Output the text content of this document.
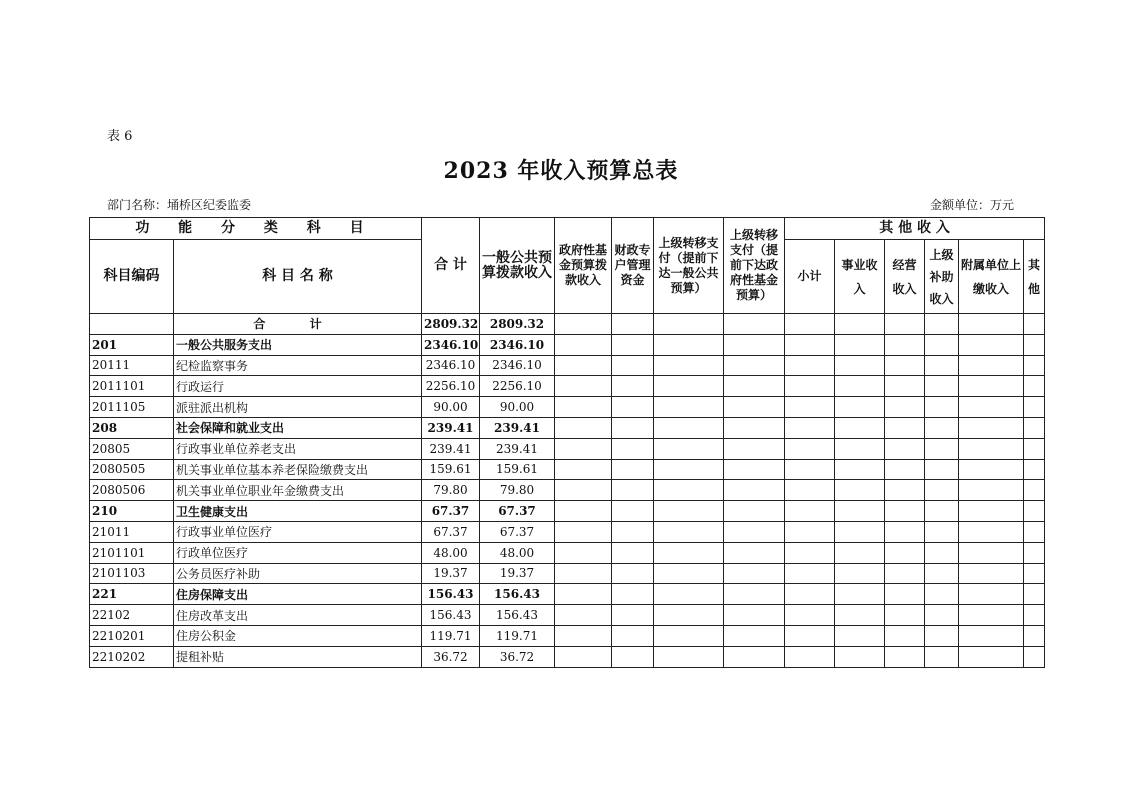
表 6
2023 年收入预算总表
部门名称：埇桥区纪委监委	金额单位：万元
功 能 分 类 科 目		合 计	一般公共预算拨款收入	政府性基金预算拨款收入	财政专户管理资金	上级转移支付（提前下达一般公共预算）	上级转移支付（提前下达政府性基金预算）	其 他 收 入					
科目编码	科 目 名 称							小计	事业收入	经营收入	上级补助收入	附属单位上缴收入	其他
	合 计	2809.32	2809.32										
201	一般公共服务支出	2346.10	2346.10										
20111	纪检监察事务	2346.10	2346.10										
2011101	行政运行	2256.10	2256.10										
2011105	派驻派出机构	90.00	90.00										
208	社会保障和就业支出	239.41	239.41										
20805	行政事业单位养老支出	239.41	239.41										
2080505	机关事业单位基本养老保险缴费支出	159.61	159.61										
2080506	机关事业单位职业年金缴费支出	79.80	79.80										
210	卫生健康支出	67.37	67.37										
21011	行政事业单位医疗	67.37	67.37										
2101101	行政单位医疗	48.00	48.00										
2101103	公务员医疗补助	19.37	19.37										
221	住房保障支出	156.43	156.43										
22102	住房改革支出	156.43	156.43										
2210201	住房公积金	119.71	119.71										
2210202	提租补贴	36.72	36.72										
